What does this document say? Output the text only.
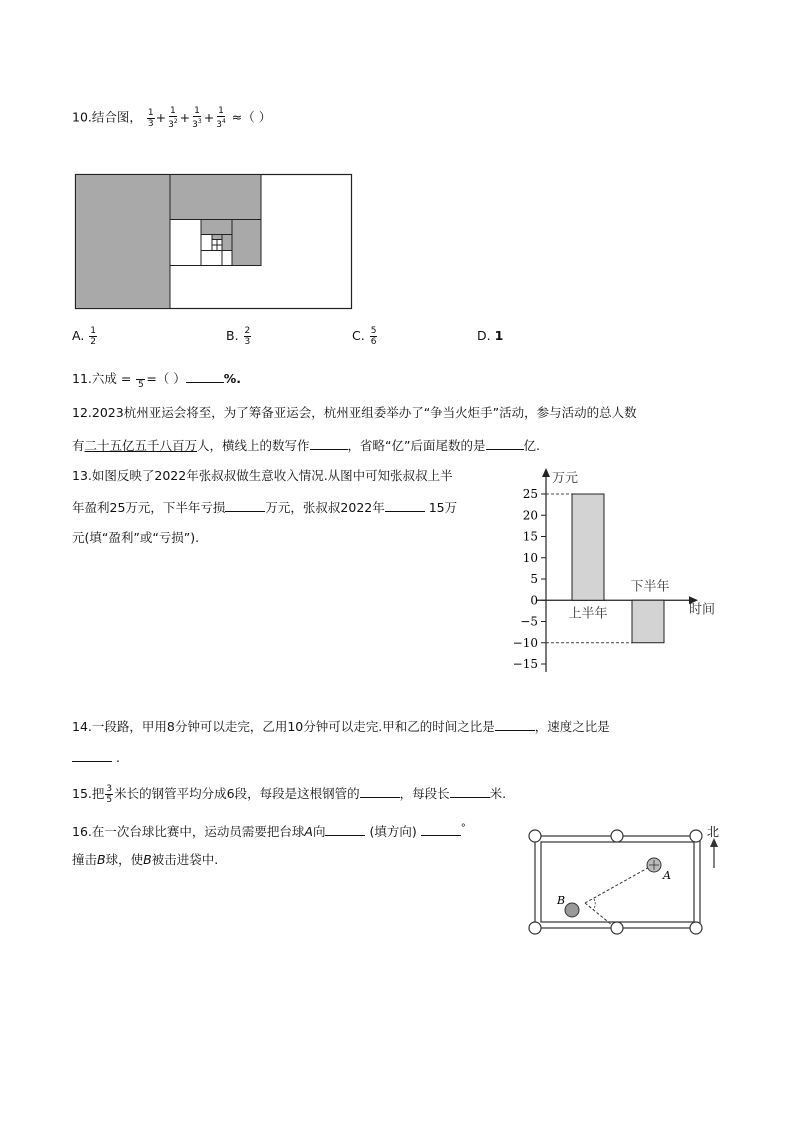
10.结合图， $\frac{1}{3} + \frac{1}{3^2} + \frac{1}{3^3} + \frac{1}{3^4}$ ≈（ ）
A. $\frac{1}{2}$	B. $\frac{2}{3}$	C. $\frac{5}{6}$	D. 1
11.六成 =
5 =（ ）	%.
12.2023杭州亚运会将至，为了筹备亚运会，杭州亚组委举办了“争当火炬手”活动，参与活动的总人数
有二十五亿五千八百万人，横线上的数写作	，省略“亿”后面尾数的是	亿.
13.如图反映了2022年张叔叔做生意收入情况.从图中可知张叔叔上半
年盈利25万元，下半年亏损	万元，张叔叔2022年	15万
元(填“盈利”或“亏损”).
25
20
15
10
5
0
−5
−10
−15
上半年
下半年
万元
时间
14.一段路，甲用8分钟可以走完，乙用10分钟可以走完.甲和乙的时间之比是	，速度之比是
.
15.把 $\frac{3}{5}$ 米长的钢管平均分成6段，每段是这根钢管的	，每段长	米.
16.在一次台球比赛中，运动员需要把台球A向	(填方向)	°
撞击B球，使B被击进袋中.
A
B
北
